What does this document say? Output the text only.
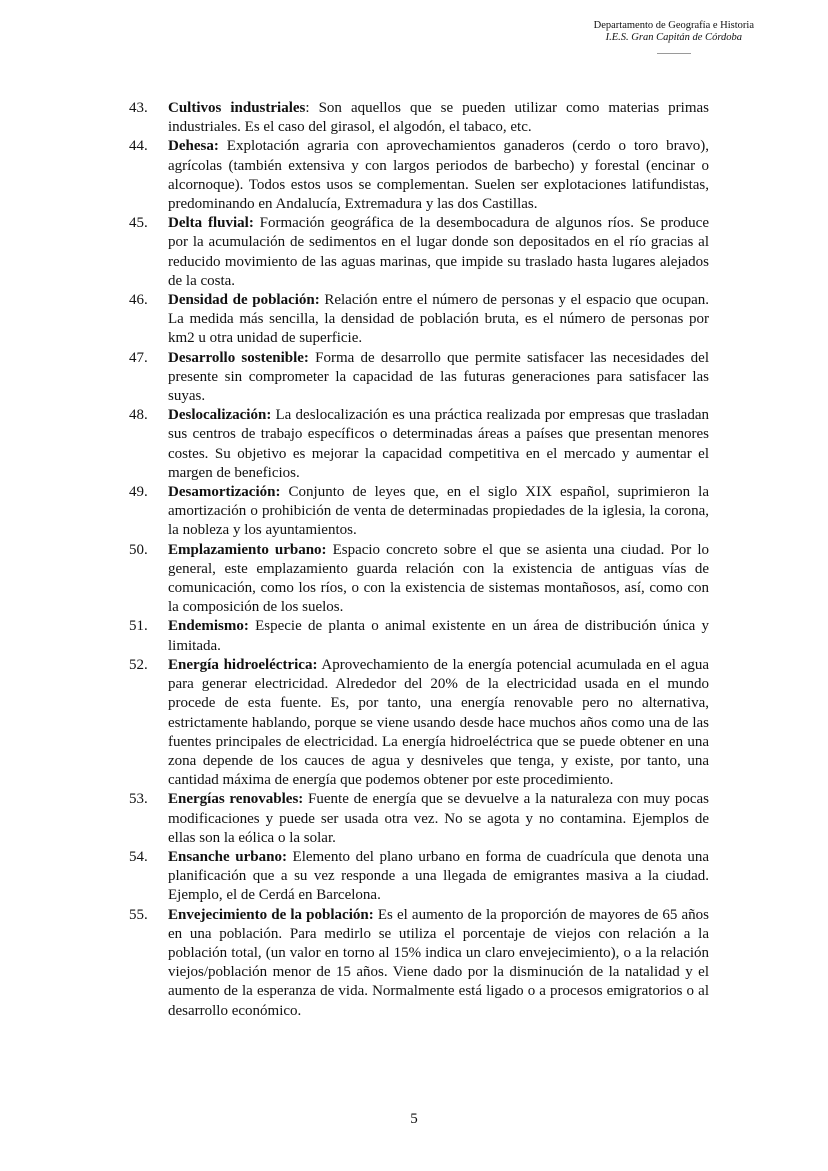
Departamento de Geografía e Historia
I.E.S. Gran Capitán de Córdoba
43. Cultivos industriales: Son aquellos que se pueden utilizar como materias primas industriales. Es el caso del girasol, el algodón, el tabaco, etc.
44. Dehesa: Explotación agraria con aprovechamientos ganaderos (cerdo o toro bravo), agrícolas (también extensiva y con largos periodos de barbecho) y forestal (encinar o alcornoque). Todos estos usos se complementan. Suelen ser explotaciones latifundistas, predominando en Andalucía, Extremadura y las dos Castillas.
45. Delta fluvial: Formación geográfica de la desembocadura de algunos ríos. Se produce por la acumulación de sedimentos en el lugar donde son depositados en el río gracias al reducido movimiento de las aguas marinas, que impide su traslado hasta lugares alejados de la costa.
46. Densidad de población: Relación entre el número de personas y el espacio que ocupan. La medida más sencilla, la densidad de población bruta, es el número de personas por km2 u otra unidad de superficie.
47. Desarrollo sostenible: Forma de desarrollo que permite satisfacer las necesidades del presente sin comprometer la capacidad de las futuras generaciones para satisfacer las suyas.
48. Deslocalización: La deslocalización es una práctica realizada por empresas que trasladan sus centros de trabajo específicos o determinadas áreas a países que presentan menores costes. Su objetivo es mejorar la capacidad competitiva en el mercado y aumentar el margen de beneficios.
49. Desamortización: Conjunto de leyes que, en el siglo XIX español, suprimieron la amortización o prohibición de venta de determinadas propiedades de la iglesia, la corona, la nobleza y los ayuntamientos.
50. Emplazamiento urbano: Espacio concreto sobre el que se asienta una ciudad. Por lo general, este emplazamiento guarda relación con la existencia de antiguas vías de comunicación, como los ríos, o con la existencia de sistemas montañosos, así, como con la composición de los suelos.
51. Endemismo: Especie de planta o animal existente en un área de distribución única y limitada.
52. Energía hidroeléctrica: Aprovechamiento de la energía potencial acumulada en el agua para generar electricidad. Alrededor del 20% de la electricidad usada en el mundo procede de esta fuente. Es, por tanto, una energía renovable pero no alternativa, estrictamente hablando, porque se viene usando desde hace muchos años como una de las fuentes principales de electricidad. La energía hidroeléctrica que se puede obtener en una zona depende de los cauces de agua y desniveles que tenga, y existe, por tanto, una cantidad máxima de energía que podemos obtener por este procedimiento.
53. Energías renovables: Fuente de energía que se devuelve a la naturaleza con muy pocas modificaciones y puede ser usada otra vez. No se agota y no contamina. Ejemplos de ellas son la eólica o la solar.
54. Ensanche urbano: Elemento del plano urbano en forma de cuadrícula que denota una planificación que a su vez responde a una llegada de emigrantes masiva a la ciudad. Ejemplo, el de Cerdá en Barcelona.
55. Envejecimiento de la población: Es el aumento de la proporción de mayores de 65 años en una población. Para medirlo se utiliza el porcentaje de viejos con relación a la población total, (un valor en torno al 15% indica un claro envejecimiento), o a la relación viejos/población menor de 15 años. Viene dado por la disminución de la natalidad y el aumento de la esperanza de vida. Normalmente está ligado o a procesos emigratorios o al desarrollo económico.
5
